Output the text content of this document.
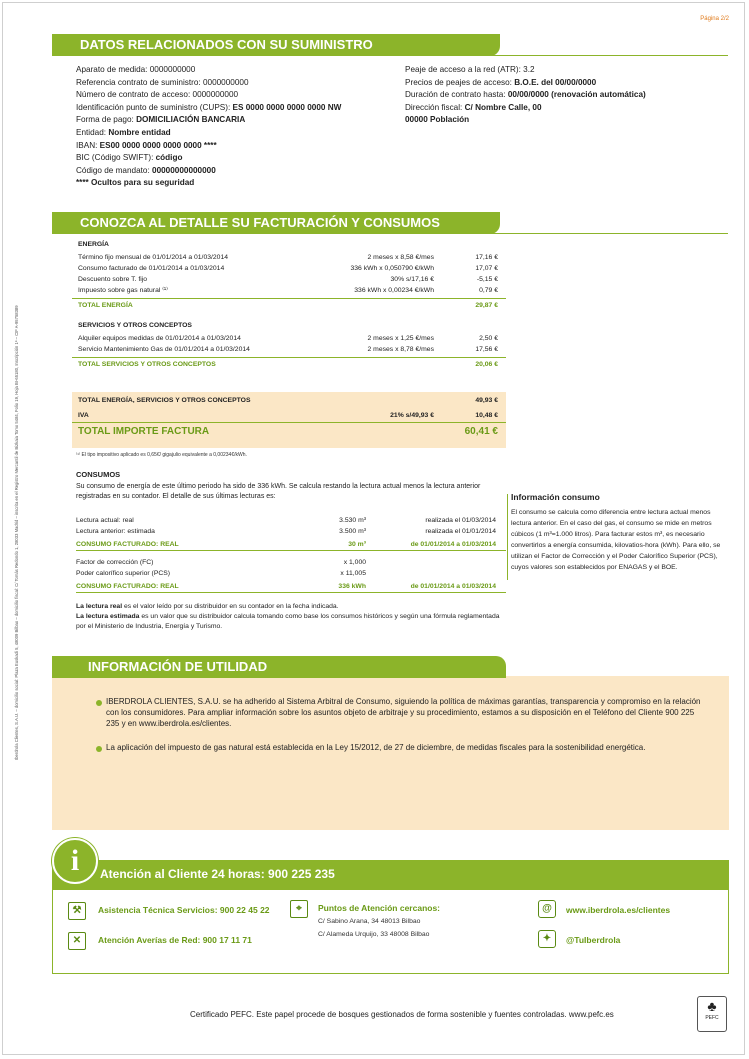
Página 2/2
Iberdrola Clientes, S.A.U. – domicilio social: Plaza Euskadi 5, 48009 Bilbao – domicilio fiscal: C/ Tomás Redondo 1, 28033 Madrid – inscrita en el Registro Mercantil de Bizkaia Tomo 5484, Folio 19, Hoja BI-65180, Inscripción 1ª – CIF A-95758389
DATOS RELACIONADOS CON SU SUMINISTRO
Aparato de medida: 0000000000
Referencia contrato de suministro: 0000000000
Número de contrato de acceso: 0000000000
Identificación punto de suministro (CUPS): ES 0000 0000 0000 0000 NW
Forma de pago: DOMICILIACIÓN BANCARIA
Entidad: Nombre entidad
IBAN: ES00 0000 0000 0000 0000 ****
BIC (Código SWIFT): código
Código de mandato: 00000000000000
**** Ocultos para su seguridad
Peaje de acceso a la red (ATR): 3.2
Precios de peajes de acceso: B.O.E. del 00/00/0000
Duración de contrato hasta: 00/00/0000 (renovación automática)
Dirección fiscal: C/ Nombre Calle, 00
00000 Población
CONOZCA AL DETALLE SU FACTURACIÓN Y CONSUMOS
ENERGÍA
Término fijo mensual de 01/01/2014 a 01/03/2014	2 meses x 8,58 €/mes	17,16 €
Consumo facturado de 01/01/2014 a 01/03/2014	336 kWh x 0,050790 €/kWh	17,07 €
Descuento sobre T. fijo	30% s/17,16 €	-5,15 €
Impuesto sobre gas natural ⁽¹⁾	336 kWh x 0,00234 €/kWh	0,79 €
TOTAL ENERGÍA	29,87 €
SERVICIOS Y OTROS CONCEPTOS
Alquiler equipos medidas de 01/01/2014 a 01/03/2014	2 meses x 1,25 €/mes	2,50 €
Servicio Mantenimiento Gas de 01/01/2014 a 01/03/2014	2 meses x 8,78 €/mes	17,56 €
TOTAL SERVICIOS Y OTROS CONCEPTOS	20,06 €
TOTAL ENERGÍA, SERVICIOS Y OTROS CONCEPTOS	49,93 €
IVA	21% s/49,93 €	10,48 €
TOTAL IMPORTE FACTURA	60,41 €
⁽¹⁾ El tipo impositivo aplicado es 0,65€/ gigajulio equivalente a 0,00234€/kWh.
CONSUMOS
Su consumo de energía de este último periodo ha sido de 336 kWh. Se calcula restando la lectura actual menos la lectura anterior registradas en su contador. El detalle de sus últimas lecturas es:
Lectura actual: real	3.530 m³	realizada el 01/03/2014
Lectura anterior: estimada	3.500 m³	realizada el 01/01/2014
CONSUMO FACTURADO: REAL	30 m³	de 01/01/2014 a 01/03/2014
Factor de corrección (FC)	x 1,000
Poder calorífico superior (PCS)	x 11,005
CONSUMO FACTURADO: REAL	336 kWh	de 01/01/2014 a 01/03/2014
La lectura real es el valor leído por su distribuidor en su contador en la fecha indicada.
La lectura estimada es un valor que su distribuidor calcula tomando como base los consumos históricos y según una fórmula reglamentada por el Ministerio de Industria, Energía y Turismo.
Información consumo
El consumo se calcula como diferencia entre lectura actual menos lectura anterior. En el caso del gas, el consumo se mide en metros cúbicos (1 m³=1.000 litros). Para facturar estos m³, es necesario convertirlos a energía consumida, kilovatios-hora (kWh). Para ello, se utilizan el Factor de Corrección y el Poder Calorífico Superior (PCS), cuyos valores son establecidos por ENAGAS y el BOE.
INFORMACIÓN DE UTILIDAD
IBERDROLA CLIENTES, S.A.U. se ha adherido al Sistema Arbitral de Consumo, siguiendo la política de máximas garantías, transparencia y compromiso en la relación con los consumidores. Para ampliar información sobre los asuntos objeto de arbitraje y su procedimiento, estamos a su disposición en el Teléfono del Cliente 900 225 235 y en www.iberdrola.es/clientes.
La aplicación del impuesto de gas natural está establecida en la Ley 15/2012, de 27 de diciembre, de medidas fiscales para la sostenibilidad energética.
i	Atención al Cliente 24 horas: 900 225 235
⚒	Asistencia Técnica Servicios: 900 22 45 22
✕	Atención Averías de Red: 900 17 11 71
⌖	Puntos de Atención cercanos:
C/ Sabino Arana, 34 48013 Bilbao
C/ Alameda Urquijo, 33 48008 Bilbao
@	www.iberdrola.es/clientes
✦	@TuIberdrola
Certificado PEFC. Este papel procede de bosques gestionados de forma sostenible y fuentes controladas. www.pefc.es
♣
PEFC
